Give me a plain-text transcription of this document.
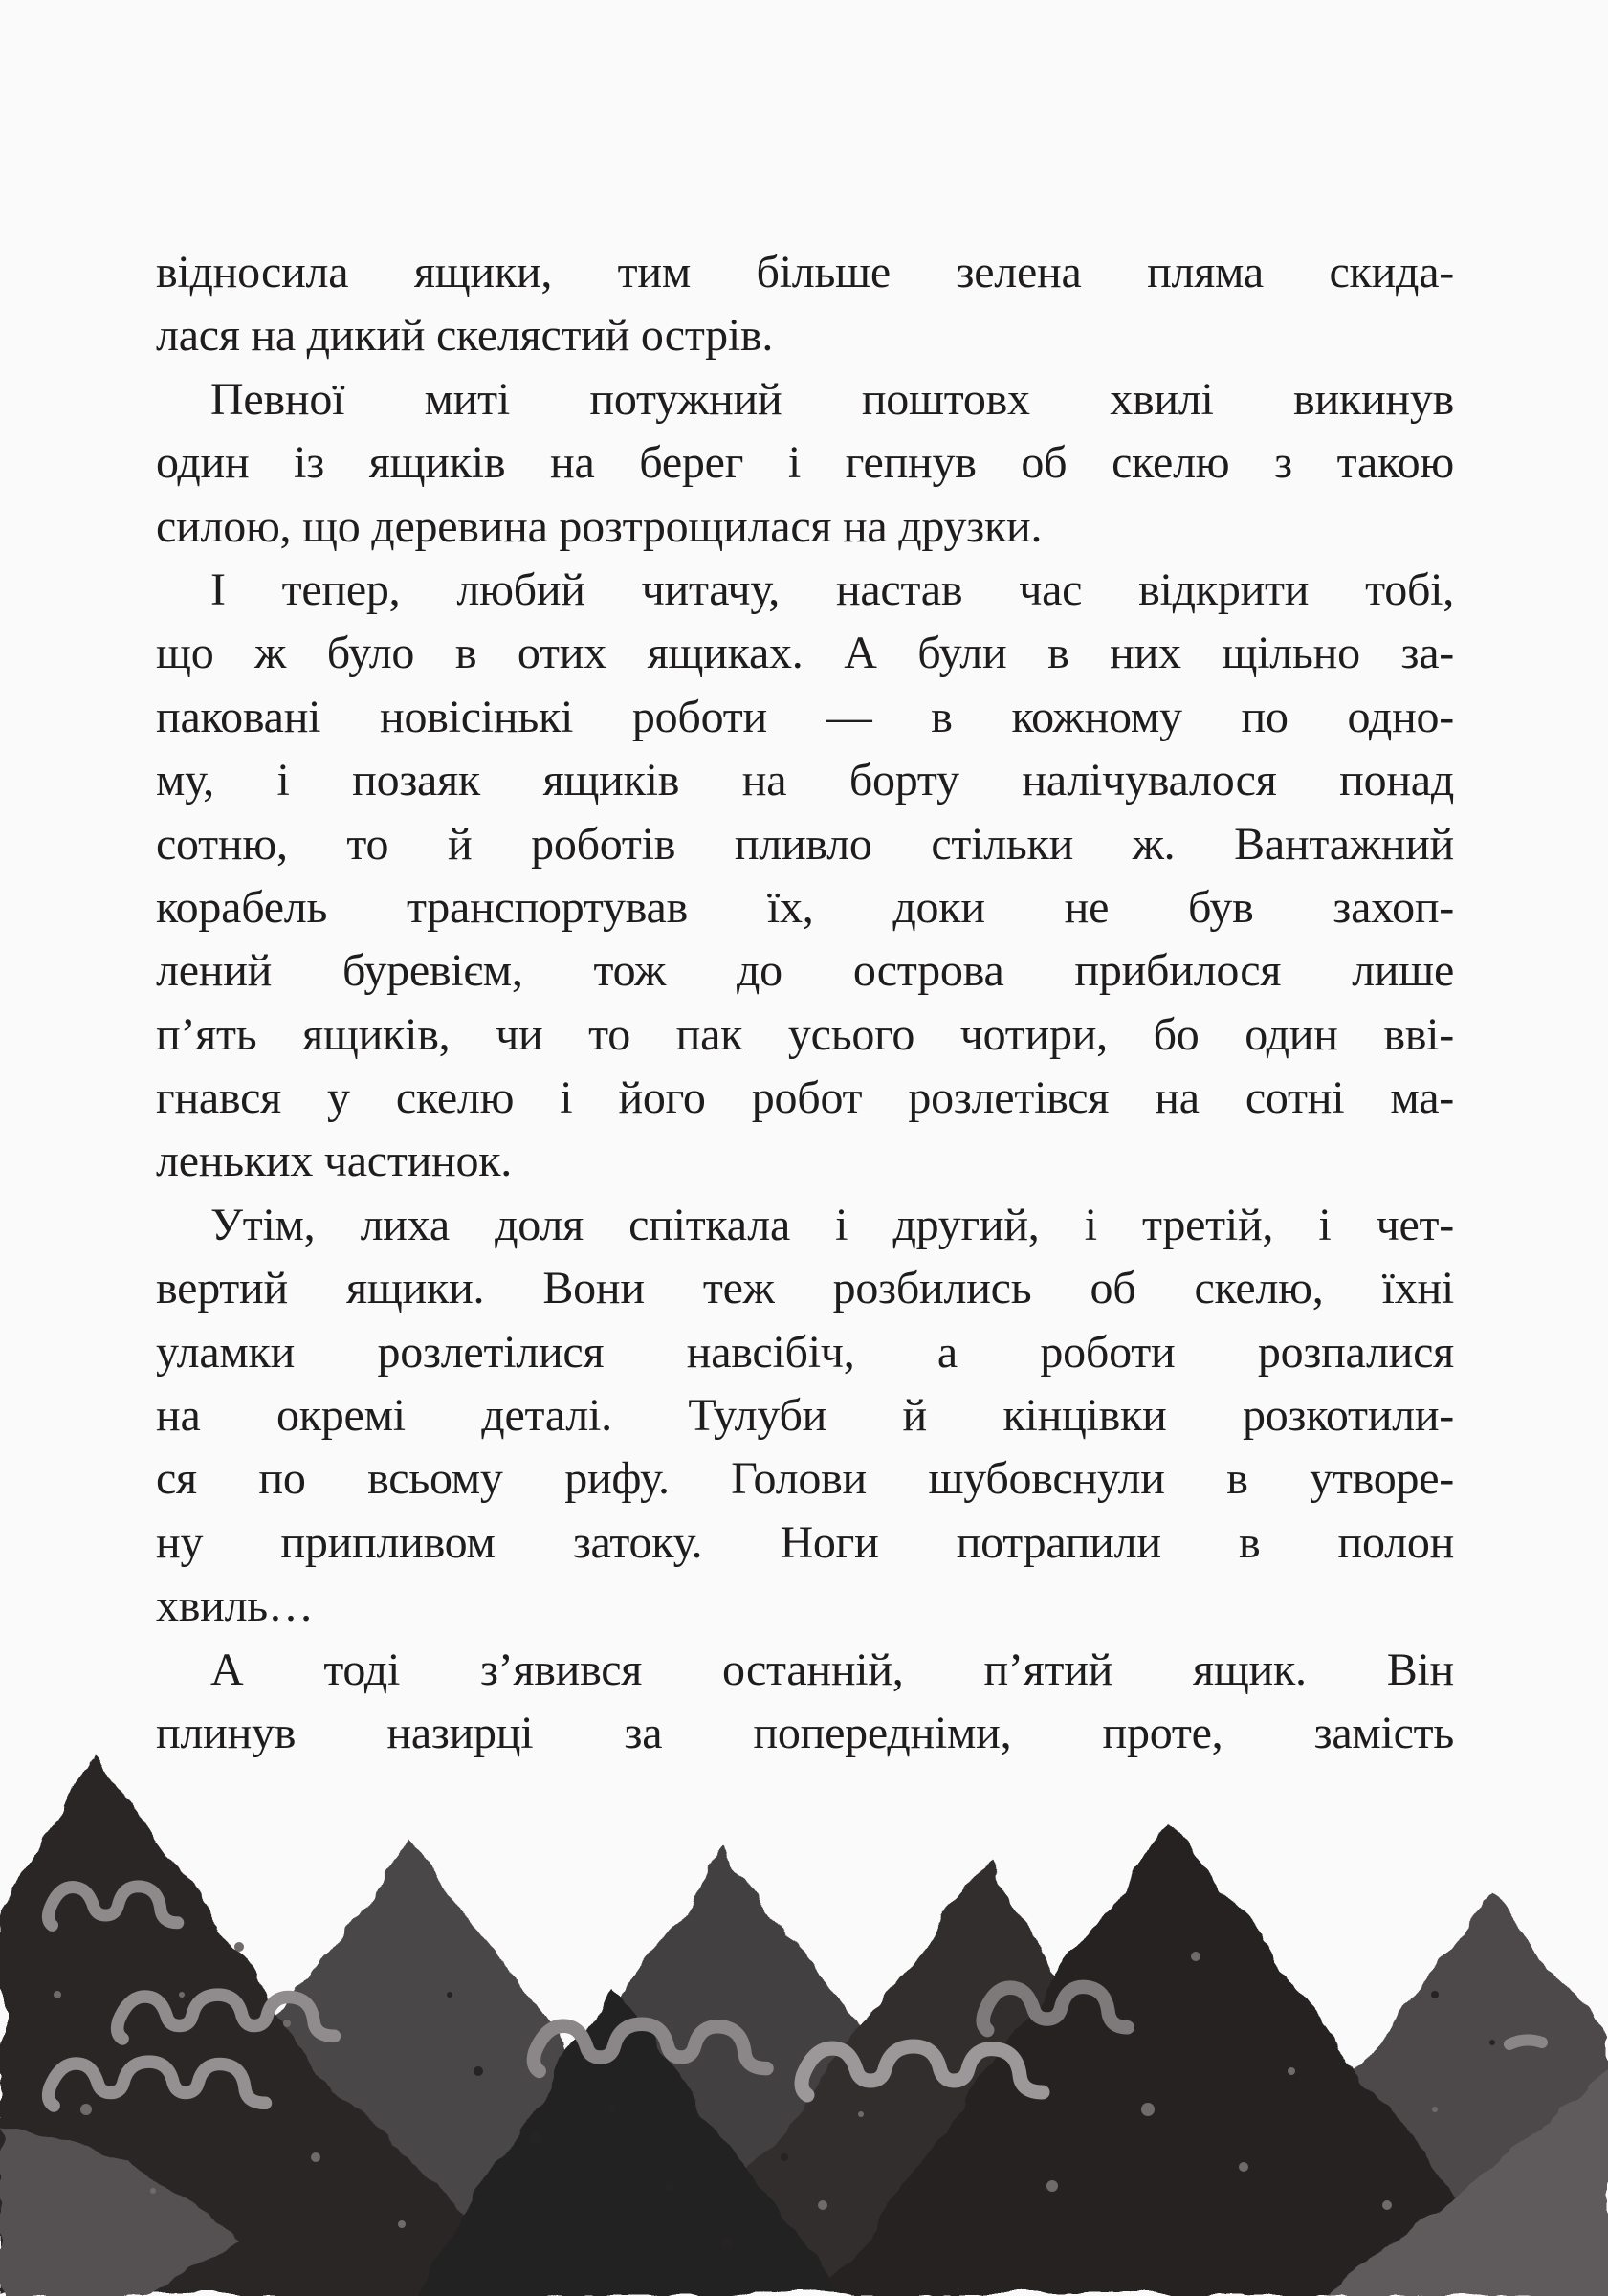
відносила ящики, тим більше зелена пляма скида-
лася на дикий скелястий острів.
Певної миті потужний поштовх хвилі викинув
один із ящиків на берег і гепнув об скелю з такою
силою, що деревина розтрощилася на друзки.
І тепер, любий читачу, настав час відкрити тобі,
що ж було в отих ящиках. А були в них щільно за-
паковані новісінькі роботи — в кожному по одно-
му, і позаяк ящиків на борту налічувалося понад
сотню, то й роботів пливло стільки ж. Вантажний
корабель транспортував їх, доки не був захоп-
лений буревієм, тож до острова прибилося лише
п’ять ящиків, чи то пак усього чотири, бо один вві-
гнався у скелю і його робот розлетівся на сотні ма-
леньких частинок.
Утім, лиха доля спіткала і другий, і третій, і чет-
вертий ящики. Вони теж розбились об скелю, їхні
уламки розлетілися навсібіч, а роботи розпалися
на окремі деталі. Тулуби й кінцівки розкотили-
ся по всьому рифу. Голови шубовснули в утворе-
ну припливом затоку. Ноги потрапили в полон
хвиль…
А тоді з’явився останній, п’ятий ящик. Він
плинув назирці за попередніми, проте, замість
